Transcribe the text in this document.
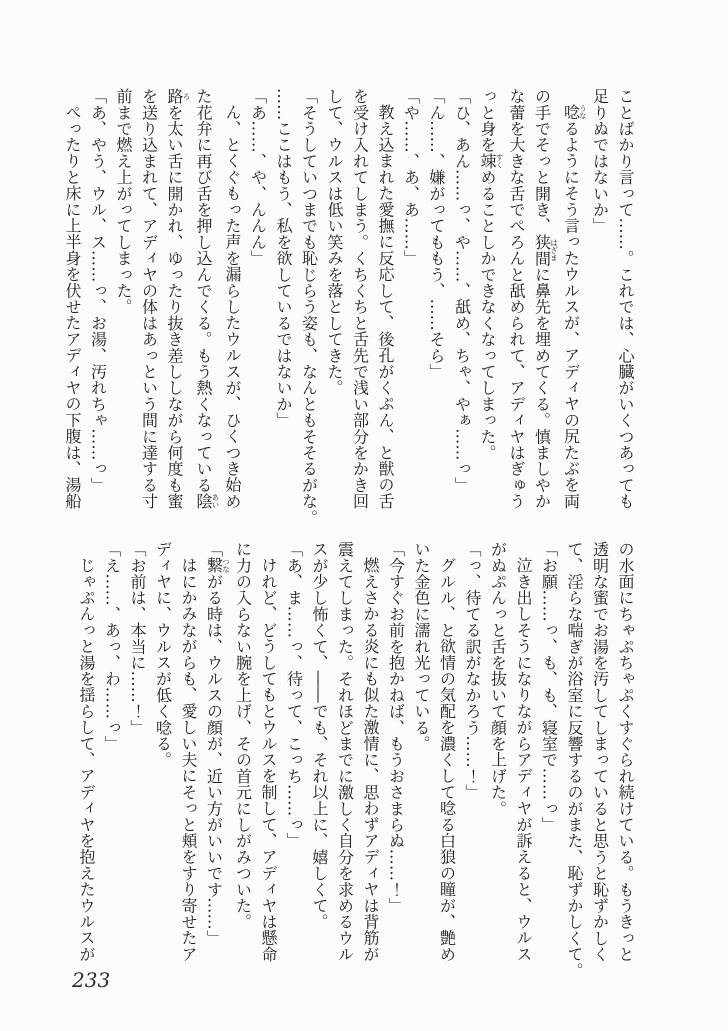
ことばかり言って……。これでは、心臓がいくつあっても
足りぬではないか」
唸うなるようにそう言ったウルスが、アディヤの尻たぶを両
の手でそっと開き、狭間はざまに鼻先を埋めてくる。慎ましやか
な蕾を大きな舌でぺろんと舐められて、アディヤはぎゅう
っと身を竦すくめることしかできなくなってしまった。
「ひ、あん……っ、や……、舐め、ちゃ、やぁ……っ」
「ん……、嫌がってももう、……そら」
「や……、あ、あ……」
教え込まれた愛撫に反応して、後孔がくぷん、と獣の舌
を受け入れてしまう。くちくちと舌先で浅い部分をかき回
して、ウルスは低い笑みを落としてきた。
「そうしていつまでも恥じらう姿も、なんともそそるがな。
……ここはもう、私を欲しているではないか」
「あ……、や、んんん」
ん、とくぐもった声を漏らしたウルスが、ひくつき始め
た花弁に再び舌を押し込んでくる。もう熱くなっている陰あい
路ろを太い舌に開かれ、ゆったり抜き差ししながら何度も蜜
を送り込まれて、アディヤの体はあっという間に達する寸
前まで燃え上がってしまった。
「あ、やう、ウル、ス……っ、お湯、汚れちゃ……っ」
ぺったりと床に上半身を伏せたアディヤの下腹は、湯船
の水面にちゃぷちゃぷくすぐられ続けている。もうきっと
透明な蜜でお湯を汚してしまっていると思うと恥ずかしく
て、淫らな喘ぎが浴室に反響するのがまた、恥ずかしくて。
「お願……っ、も、も、寝室で……っ」
泣き出しそうになりながらアディヤが訴えると、ウルス
がぬぷんっと舌を抜いて顔を上げた。
「っ、待てる訳がなかろう……！」
グルル、と欲情の気配を濃くして唸る白狼の瞳が、艶め
いた金色に濡れ光っている。
「今すぐお前を抱かねば、もうおさまらぬ……！」
燃えさかる炎にも似た激情に、思わずアディヤは背筋が
震えてしまった。それほどまでに激しく自分を求めるウル
スが少し怖くて、――でも、それ以上に、嬉しくて。
「あ、ま……っ、待って、こっち……っ」
けれど、どうしてもとウルスを制して、アディヤは懸命
に力の入らない腕を上げ、その首元にしがみついた。
「繋つながる時は、ウルスの顔が、近い方がいいです……」
はにかみながらも、愛しい夫にそっと頬をすり寄せたア
ディヤに、ウルスが低く唸る。
「お前は、本当に……！」
「え……、あっ、わ……っ」
じゃぷんっと湯を揺らして、アディヤを抱えたウルスが
233
